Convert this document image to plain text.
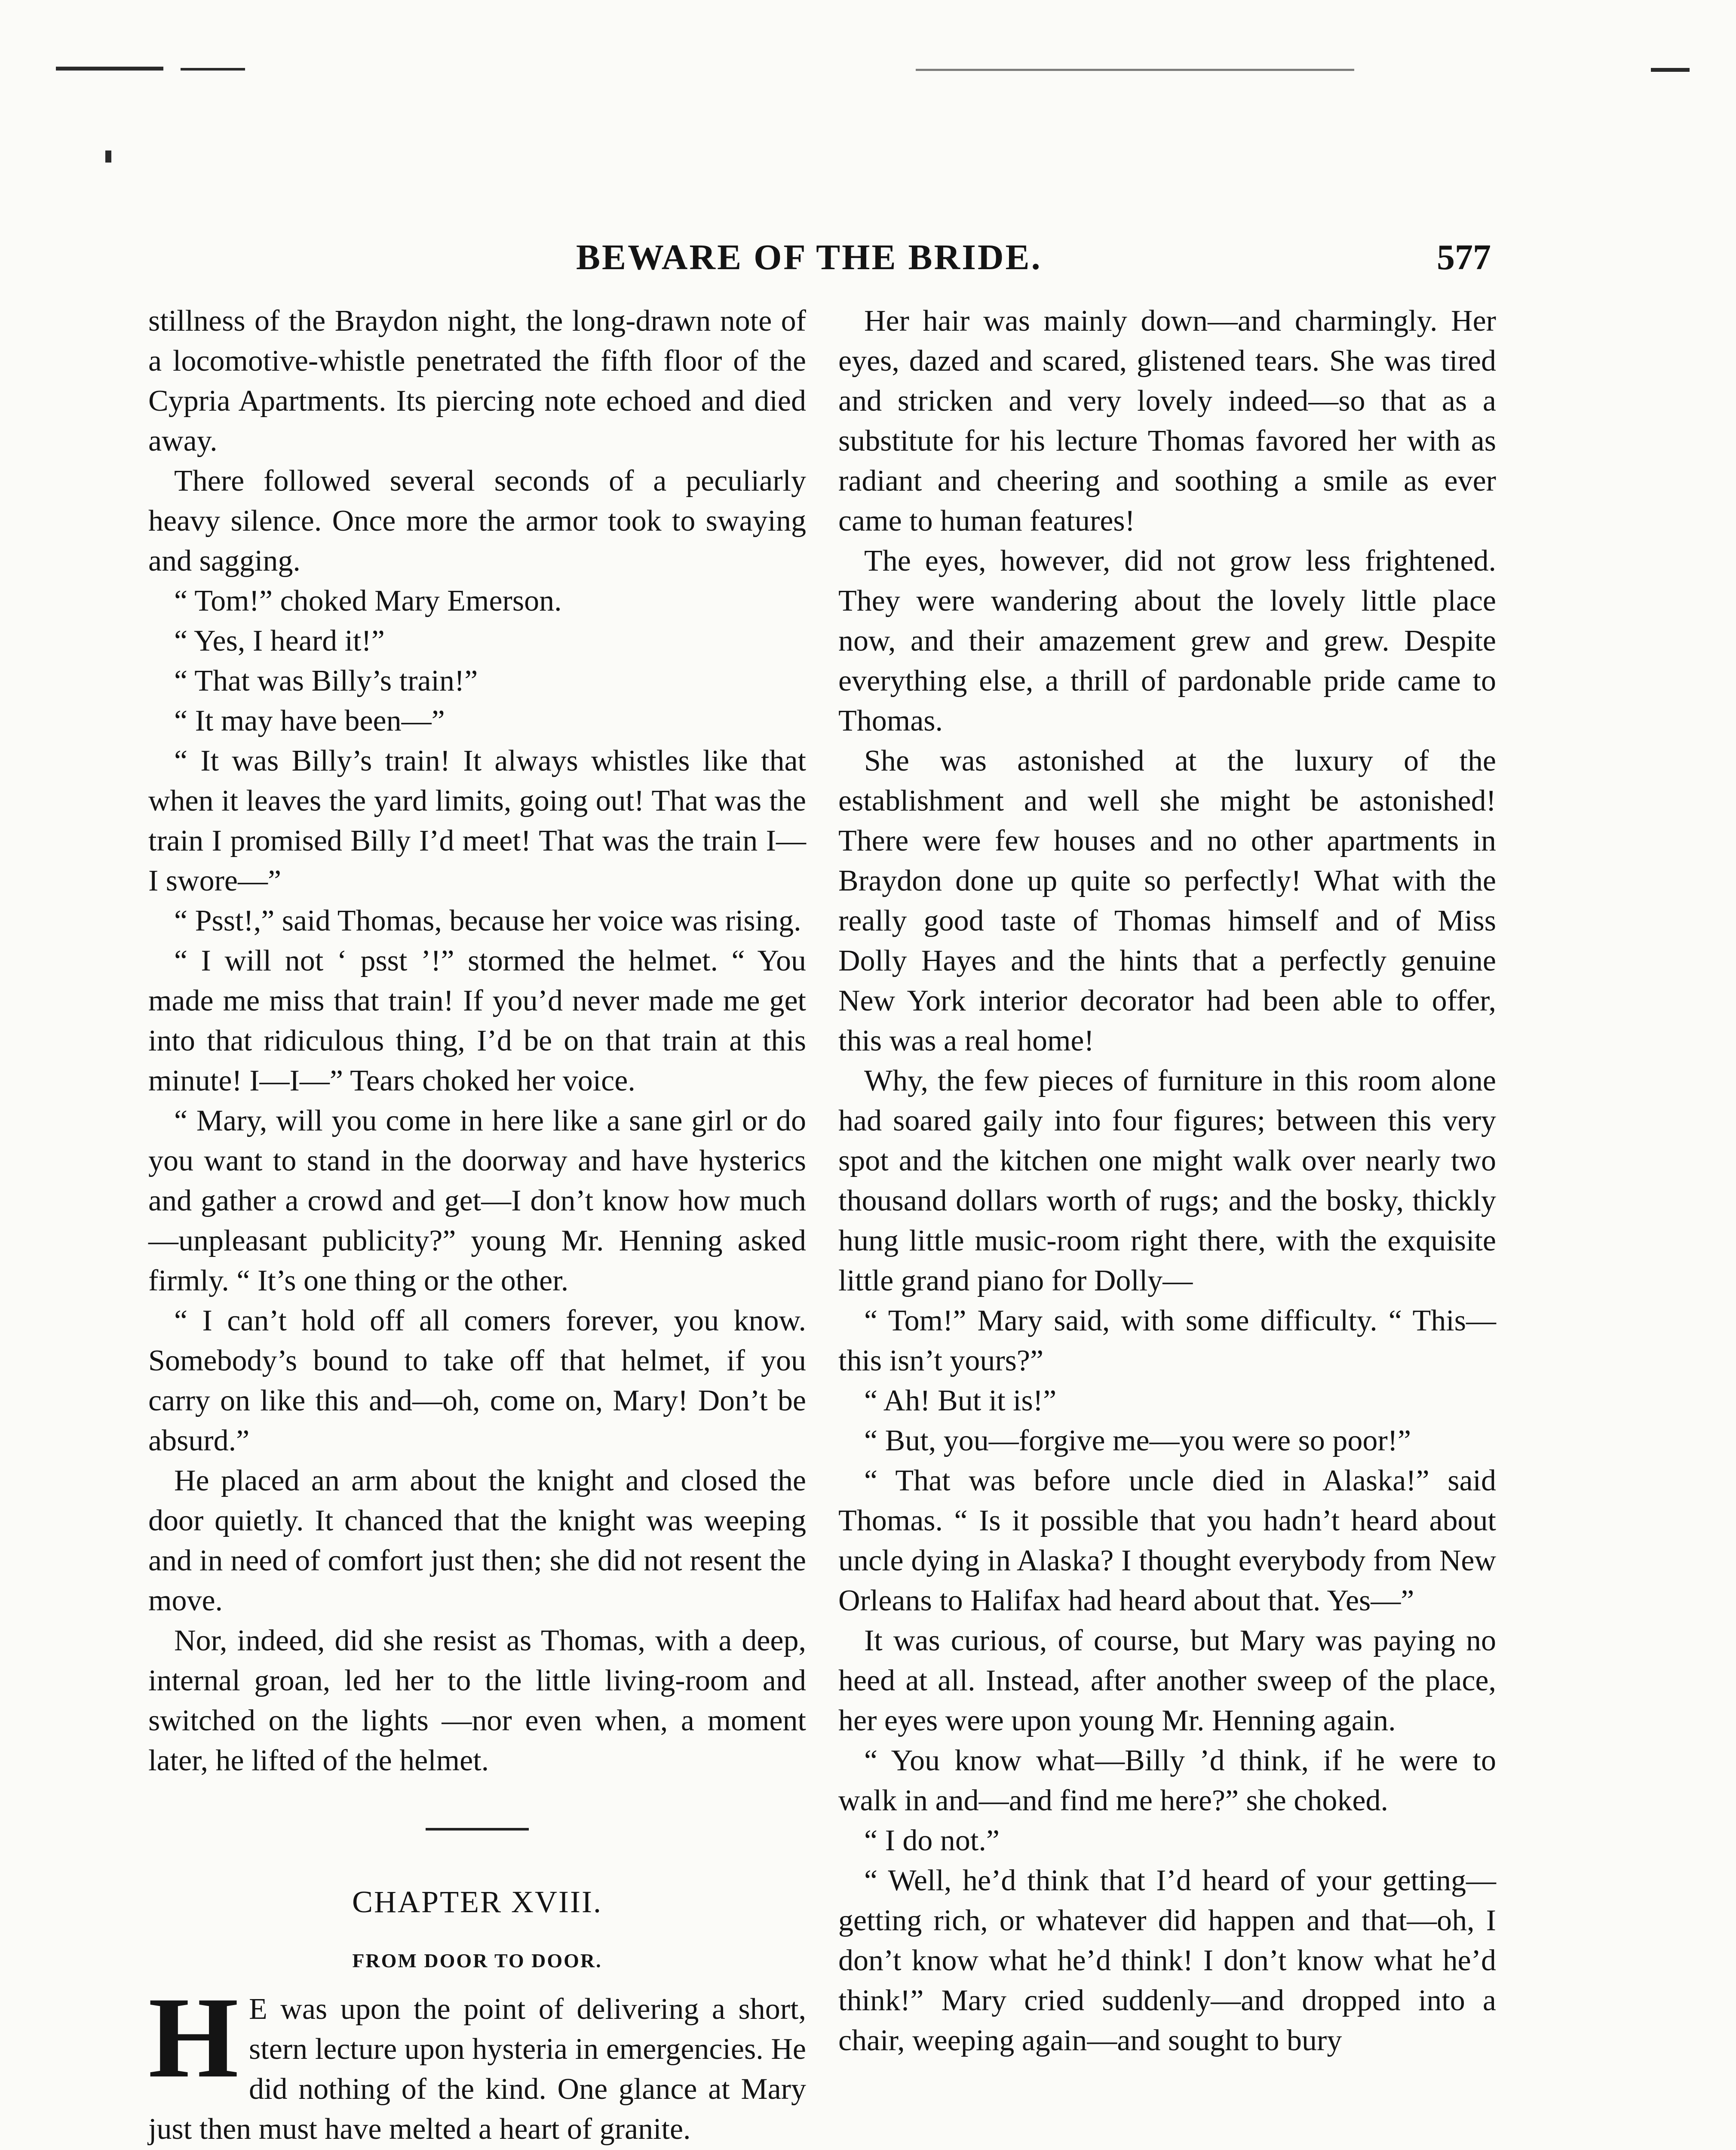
BEWARE OF THE BRIDE.	577

stillness of the Braydon night, the long-drawn note of a locomotive-whistle penetrated the fifth floor of the Cypria Apartments. Its piercing note echoed and died away.

There followed several seconds of a peculiarly heavy silence. Once more the armor took to swaying and sagging.

“ Tom!” choked Mary Emerson.

“ Yes, I heard it!”

“ That was Billy’s train!”

“ It may have been—”

“ It was Billy’s train! It always whistles like that when it leaves the yard limits, going out! That was the train I promised Billy I’d meet! That was the train I—I swore—”

“ Psst!,” said Thomas, because her voice was rising.

“ I will not ‘ psst ’!” stormed the helmet. “ You made me miss that train! If you’d never made me get into that ridiculous thing, I’d be on that train at this minute! I—I—” Tears choked her voice.

“ Mary, will you come in here like a sane girl or do you want to stand in the doorway and have hysterics and gather a crowd and get—I don’t know how much—unpleasant publicity?” young Mr. Henning asked firmly. “ It’s one thing or the other.

“ I can’t hold off all comers forever, you know. Somebody’s bound to take off that helmet, if you carry on like this and—oh, come on, Mary! Don’t be absurd.”

He placed an arm about the knight and closed the door quietly. It chanced that the knight was weeping and in need of comfort just then; she did not resent the move.

Nor, indeed, did she resist as Thomas, with a deep, internal groan, led her to the little living-room and switched on the lights —nor even when, a moment later, he lifted of the helmet.

CHAPTER XVIII.
FROM DOOR TO DOOR.
H E was upon the point of delivering a short, stern lecture upon hysteria in emergencies. He did nothing of the kind. One glance at Mary just then must have melted a heart of granite.

Her hair was mainly down—and charmingly. Her eyes, dazed and scared, glistened tears. She was tired and stricken and very lovely indeed—so that as a substitute for his lecture Thomas favored her with as radiant and cheering and soothing a smile as ever came to human features!

The eyes, however, did not grow less frightened. They were wandering about the lovely little place now, and their amazement grew and grew. Despite everything else, a thrill of pardonable pride came to Thomas.

She was astonished at the luxury of the establishment and well she might be astonished! There were few houses and no other apartments in Braydon done up quite so perfectly! What with the really good taste of Thomas himself and of Miss Dolly Hayes and the hints that a perfectly genuine New York interior decorator had been able to offer, this was a real home!

Why, the few pieces of furniture in this room alone had soared gaily into four figures; between this very spot and the kitchen one might walk over nearly two thousand dollars worth of rugs; and the bosky, thickly hung little music-room right there, with the exquisite little grand piano for Dolly—

“ Tom!” Mary said, with some difficulty. “ This—this isn’t yours?”

“ Ah! But it is!”

“ But, you—forgive me—you were so poor!”

“ That was before uncle died in Alaska!” said Thomas. “ Is it possible that you hadn’t heard about uncle dying in Alaska? I thought everybody from New Orleans to Halifax had heard about that. Yes—”

It was curious, of course, but Mary was paying no heed at all. Instead, after another sweep of the place, her eyes were upon young Mr. Henning again.

“ You know what—Billy ’d think, if he were to walk in and—and find me here?” she choked.

“ I do not.”

“ Well, he’d think that I’d heard of your getting—getting rich, or whatever did happen and that—oh, I don’t know what he’d think! I don’t know what he’d think!” Mary cried suddenly—and dropped into a chair, weeping again—and sought to bury
